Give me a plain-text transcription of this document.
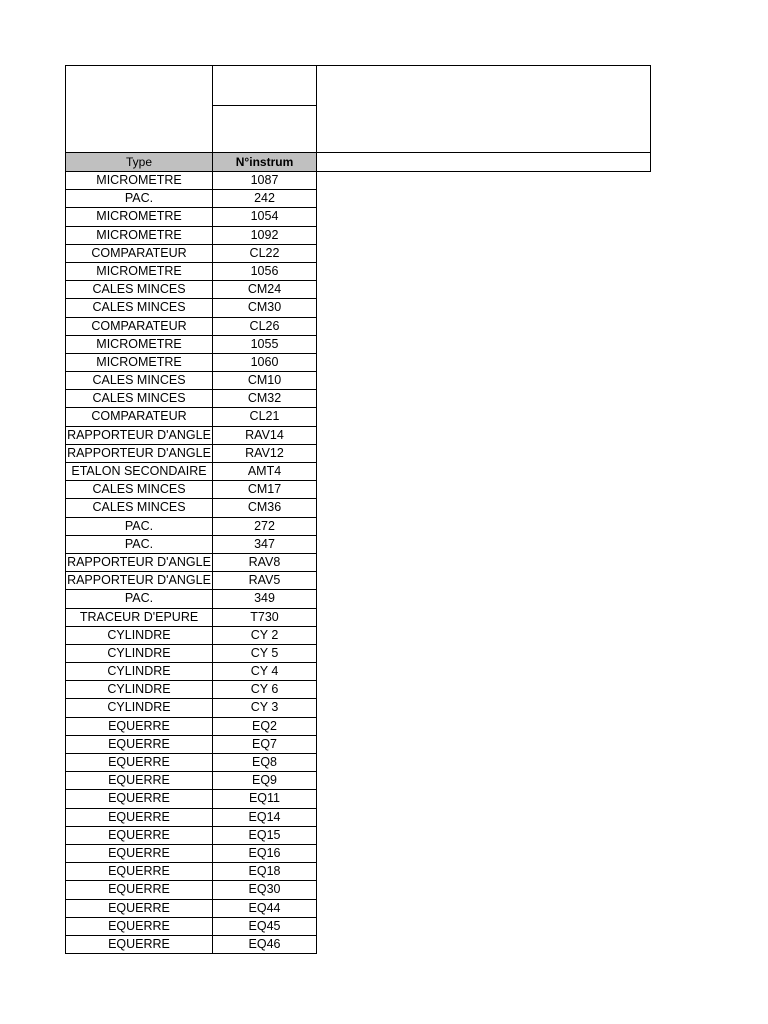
Type	N°instrum
MICROMETRE	1087
PAC.	242
MICROMETRE	1054
MICROMETRE	1092
COMPARATEUR	CL22
MICROMETRE	1056
CALES MINCES	CM24
CALES MINCES	CM30
COMPARATEUR	CL26
MICROMETRE	1055
MICROMETRE	1060
CALES MINCES	CM10
CALES MINCES	CM32
COMPARATEUR	CL21
RAPPORTEUR D'ANGLE	RAV14
RAPPORTEUR D'ANGLE	RAV12
ETALON SECONDAIRE	AMT4
CALES MINCES	CM17
CALES MINCES	CM36
PAC.	272
PAC.	347
RAPPORTEUR D'ANGLE	RAV8
RAPPORTEUR D'ANGLE	RAV5
PAC.	349
TRACEUR D'EPURE	T730
CYLINDRE	CY 2
CYLINDRE	CY 5
CYLINDRE	CY 4
CYLINDRE	CY 6
CYLINDRE	CY 3
EQUERRE	EQ2
EQUERRE	EQ7
EQUERRE	EQ8
EQUERRE	EQ9
EQUERRE	EQ11
EQUERRE	EQ14
EQUERRE	EQ15
EQUERRE	EQ16
EQUERRE	EQ18
EQUERRE	EQ30
EQUERRE	EQ44
EQUERRE	EQ45
EQUERRE	EQ46
